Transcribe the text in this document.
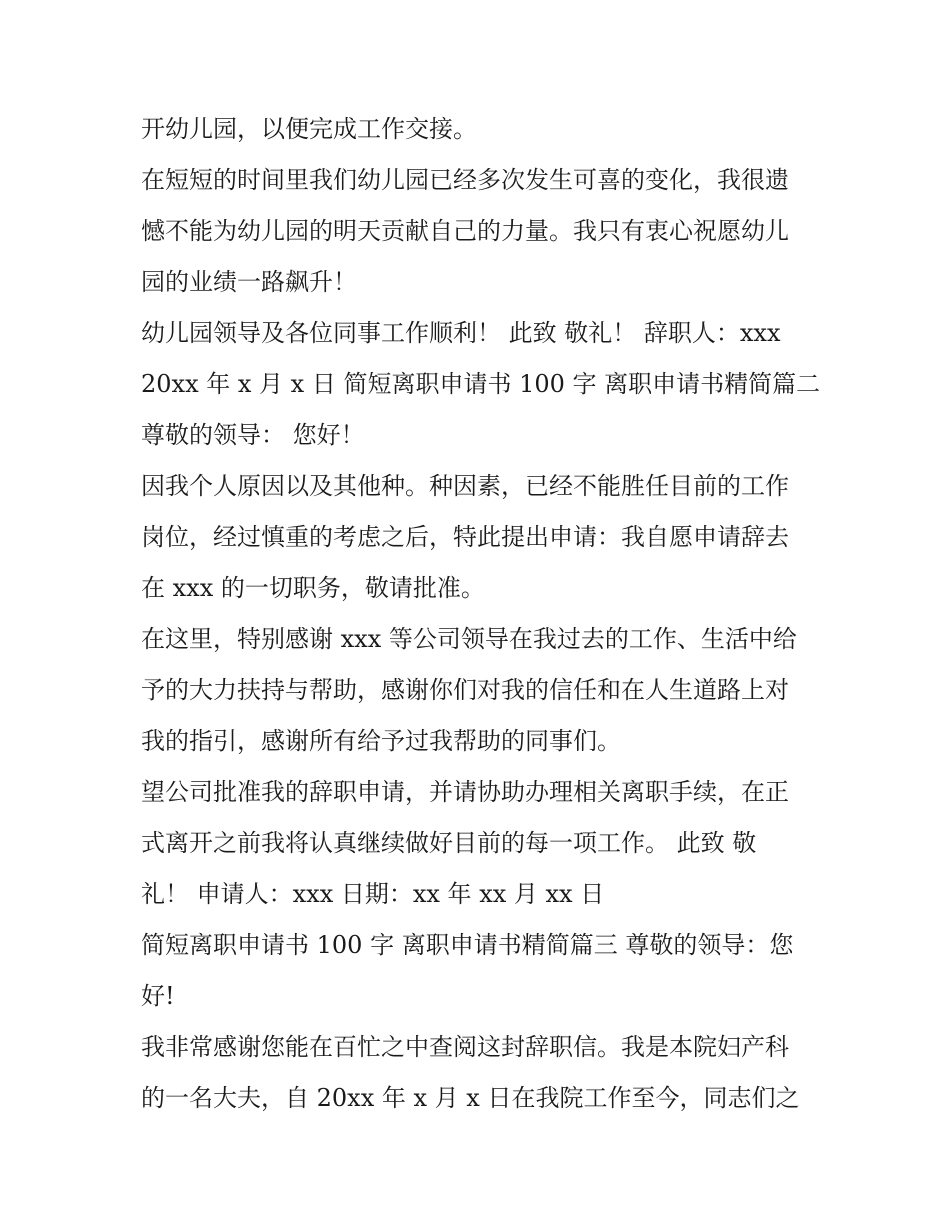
开幼儿园，以便完成工作交接。
在短短的时间里我们幼儿园已经多次发生可喜的变化，我很遗
憾不能为幼儿园的明天贡献自己的力量。我只有衷心祝愿幼儿
园的业绩一路飙升！
幼儿园领导及各位同事工作顺利！ 此致 敬礼！ 辞职人：xxx
20xx 年 x 月 x 日 简短离职申请书 100 字 离职申请书精简篇二
尊敬的领导： 您好！
因我个人原因以及其他种。种因素，已经不能胜任目前的工作
岗位，经过慎重的考虑之后，特此提出申请：我自愿申请辞去
在 xxx 的一切职务，敬请批准。
在这里，特别感谢 xxx 等公司领导在我过去的工作、生活中给
予的大力扶持与帮助，感谢你们对我的信任和在人生道路上对
我的指引，感谢所有给予过我帮助的同事们。
望公司批准我的辞职申请，并请协助办理相关离职手续，在正
式离开之前我将认真继续做好目前的每一项工作。 此致 敬
礼！ 申请人：xxx 日期：xx 年 xx 月 xx 日
简短离职申请书 100 字 离职申请书精简篇三 尊敬的领导：您
好!
我非常感谢您能在百忙之中查阅这封辞职信。我是本院妇产科
的一名大夫，自 20xx 年 x 月 x 日在我院工作至今，同志们之
